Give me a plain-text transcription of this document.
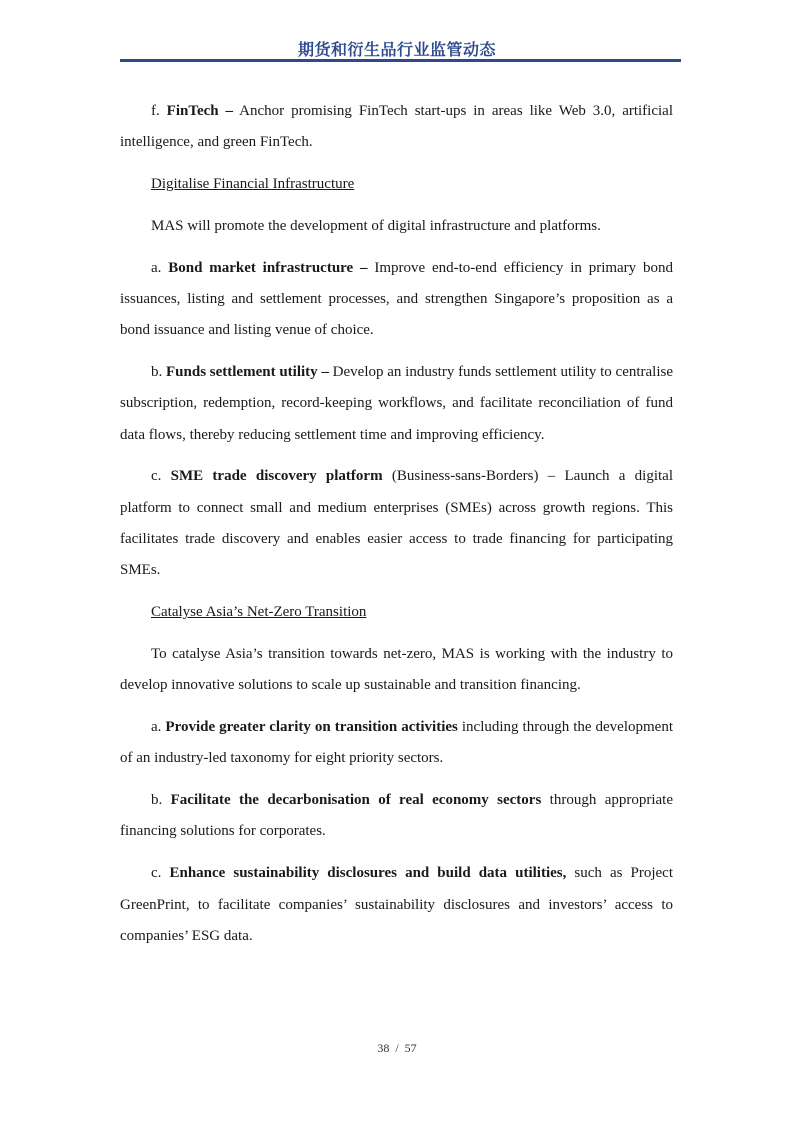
期货和衍生品行业监管动态

f. FinTech – Anchor promising FinTech start-ups in areas like Web 3.0, artificial intelligence, and green FinTech.

Digitalise Financial Infrastructure

MAS will promote the development of digital infrastructure and platforms.

a. Bond market infrastructure – Improve end-to-end efficiency in primary bond issuances, listing and settlement processes, and strengthen Singapore’s proposition as a bond issuance and listing venue of choice.

b. Funds settlement utility – Develop an industry funds settlement utility to centralise subscription, redemption, record-keeping workflows, and facilitate reconciliation of fund data flows, thereby reducing settlement time and improving efficiency.

c. SME trade discovery platform (Business-sans-Borders) – Launch a digital platform to connect small and medium enterprises (SMEs) across growth regions. This facilitates trade discovery and enables easier access to trade financing for participating SMEs.

Catalyse Asia’s Net-Zero Transition

To catalyse Asia’s transition towards net-zero, MAS is working with the industry to develop innovative solutions to scale up sustainable and transition financing.

a. Provide greater clarity on transition activities including through the development of an industry-led taxonomy for eight priority sectors.

b. Facilitate the decarbonisation of real economy sectors through appropriate financing solutions for corporates.

c. Enhance sustainability disclosures and build data utilities, such as Project GreenPrint, to facilitate companies’ sustainability disclosures and investors’ access to companies’ ESG data.

38 / 57
